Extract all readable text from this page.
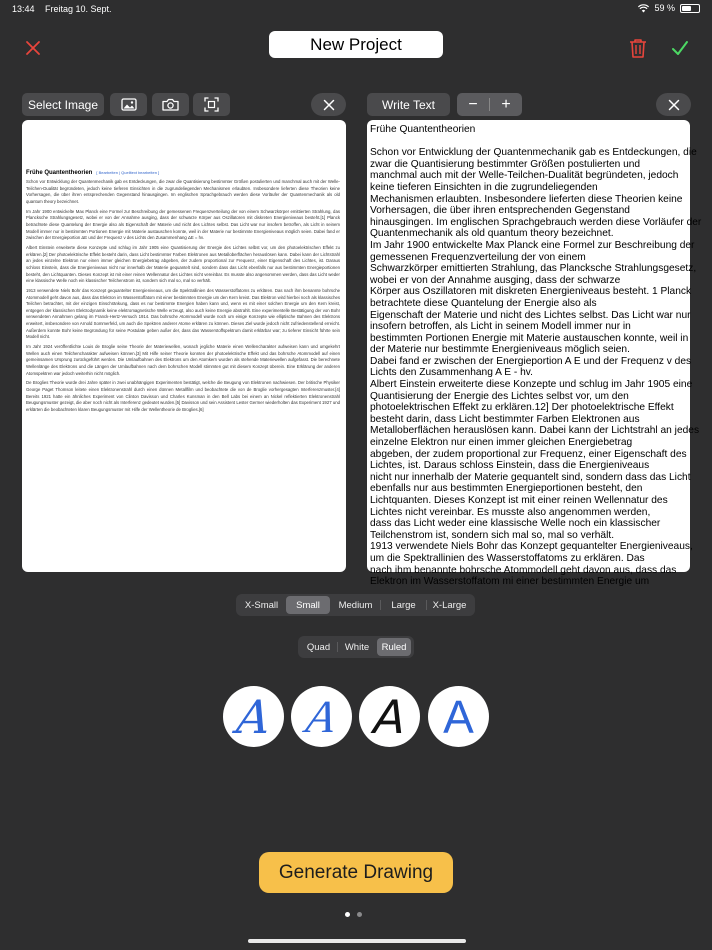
13:44 Freitag 10. Sept.	59 %
New Project
Select Image	Write Text	−	+
Frühe Quantentheorien [ Bearbeiten | Quelltext bearbeiten ]

Schon vor Entwicklung der Quantenmechanik gab es Entdeckungen, die zwar die Quantisierung bestimmter Größen postulierten und manchmal auch mit der Welle-Teilchen-Dualität begründeten, jedoch keine tieferen Einsichten in die zugrundeliegenden Mechanismen erlaubten. Insbesondere lieferten diese Theorien keine Vorhersagen, die über ihren entsprechenden Gegenstand hinausgingen. Im englischen Sprachgebrauch werden diese Vorläufer der Quantenmechanik als old quantum theory bezeichnet.

Im Jahr 1900 entwickelte Max Planck eine Formel zur Beschreibung der gemessenen Frequenzverteilung der von einem Schwarzkörper emittierten Strahlung, das Plancksche Strahlungsgesetz, wobei er von der Annahme ausging, dass der schwarze Körper aus Oszillatoren mit diskreten Energieniveaus besteht.[1] Planck betrachtete diese Quantelung der Energie also als Eigenschaft der Materie und nicht des Lichtes selbst. Das Licht war nur insofern betroffen, als Licht in seinem Modell immer nur in bestimmten Portionen Energie mit Materie austauschen konnte, weil in der Materie nur bestimmte Energieniveaus möglich seien. Dabei fand er zwischen der Energieportion ΔE und der Frequenz ν des Lichts den Zusammenhang ΔE = hν.

Albert Einstein erweiterte diese Konzepte und schlug im Jahr 1905 eine Quantisierung der Energie des Lichtes selbst vor, um den photoelektrischen Effekt zu erklären.[2] Der photoelektrische Effekt besteht darin, dass Licht bestimmter Farben Elektronen aus Metalloberflächen herauslösen kann. Dabei kann der Lichtstrahl an jedes einzelne Elektron nur einen immer gleichen Energiebetrag abgeben, der zudem proportional zur Frequenz, einer Eigenschaft des Lichtes, ist. Daraus schloss Einstein, dass die Energieniveaus nicht nur innerhalb der Materie gequantelt sind, sondern dass das Licht ebenfalls nur aus bestimmten Energieportionen besteht, den Lichtquanten. Dieses Konzept ist mit einer reinen Wellennatur des Lichtes nicht vereinbar. Es musste also angenommen werden, dass das Licht weder eine klassische Welle noch ein klassischer Teilchenstrom ist, sondern sich mal so, mal so verhält.

1913 verwendete Niels Bohr das Konzept gequantelter Energieniveaus, um die Spektrallinien des Wasserstoffatoms zu erklären. Das nach ihm benannte bohrsche Atommodell geht davon aus, dass das Elektron im Wasserstoffatom mit einer bestimmten Energie um den Kern kreist. Das Elektron wird hierbei noch als klassisches Teilchen betrachtet, mit der einzigen Einschränkung, dass es nur bestimmte Energien haben kann und, wenn es mit einer solchen Energie um den Kern kreist, entgegen der klassischen Elektrodynamik keine elektromagnetische Welle erzeugt, also auch keine Energie abstrahlt. Eine experimentelle Bestätigung der von Bohr verwendeten Annahmen gelang im Franck-Hertz-Versuch 1914. Das bohrsche Atommodell wurde noch um einige Konzepte wie elliptische Bahnen des Elektrons erweitert, insbesondere von Arnold Sommerfeld, um auch die Spektren anderer Atome erklären zu können. Dieses Ziel wurde jedoch nicht zufriedenstellend erreicht. Außerdem konnte Bohr keine Begründung für seine Postulate geben außer der, dass das Wasserstoffspektrum damit erklärbar war; zu tieferer Einsicht führte sein Modell nicht.

Im Jahr 1924 veröffentlichte Louis de Broglie seine Theorie der Materiewellen, wonach jegliche Materie einen Wellencharakter aufweisen kann und umgekehrt Wellen auch einen Teilchencharakter aufweisen können.[3] Mit Hilfe seiner Theorie konnten der photoelektrische Effekt und das bohrsche Atommodell auf einen gemeinsamen Ursprung zurückgeführt werden. Die Umlaufbahnen des Elektrons um den Atomkern wurden als stehende Materiewellen aufgefasst. Die berechnete Wellenlänge des Elektrons und die Längen der Umlaufbahnen nach dem bohrschen Modell stimmten gut mit diesem Konzept überein. Eine Erklärung der anderen Atomspektren war jedoch weiterhin nicht möglich.

De Broglies Theorie wurde drei Jahre später in zwei unabhängigen Experimenten bestätigt, welche die Beugung von Elektronen nachwiesen. Der britische Physiker George Paget Thomson leitete einen Elektronenstrahl durch einen dünnen Metallfilm und beobachtete die von de Broglie vorhergesagten Interferenzmuster.[4] Bereits 1921 hatte ein ähnliches Experiment von Clinton Davisson und Charles Kunsman in den Bell Labs bei einem an Nickel reflektierten Elektronenstrahl Beugungsmuster gezeigt, die aber noch nicht als Interferenz gedeutet wurden.[5] Davisson und sein Assistent Lester Germer wiederholten das Experiment 1927 und erklärten die beobachteten klaren Beugungsmuster mit Hilfe der Wellentheorie de Broglies.[6]

Frühe Quantentheorien
Schon vor Entwicklung der Quantenmechanik gab es Entdeckungen, die
zwar die Quantisierung bestimmter Größen postulierten und
manchmal auch mit der Welle-Teilchen-Dualität begründeten, jedoch
keine tieferen Einsichten in die zugrundeliegenden
Mechanismen erlaubten. Insbesondere lieferten diese Theorien keine
Vorhersagen, die über ihren entsprechenden Gegenstand
hinausgingen. Im englischen Sprachgebrauch werden diese Vorläufer der
Quantenmechanik als old quantum theory bezeichnet.
Im Jahr 1900 entwickelte Max Planck eine Formel zur Beschreibung der
gemessenen Frequenzverteilung der von einem
Schwarzkörper emittierten Strahlung, das Plancksche Strahlungsgesetz,
wobei er von der Annahme ausging, dass der schwarze
Körper aus Oszillatoren mit diskreten Energieniveaus besteht. 1 Planck
betrachtete diese Quantelung der Energie also als
Eigenschaft der Materie und nicht des Lichtes selbst. Das Licht war nur
insofern betroffen, als Licht in seinem Modell immer nur in
bestimmten Portionen Energie mit Materie austauschen konnte, weil in
der Materie nur bestimmte Energieniveaus möglich seien.
Dabei fand er zwischen der Energieportion A E und der Frequenz v des
Lichts den Zusammenhang A E - hv.
Albert Einstein erweiterte diese Konzepte und schlug im Jahr 1905 eine
Quantisierung der Energie des Lichtes selbst vor, um den
photoelektrischen Effekt zu erklären.12] Der photoelektrische Effekt
besteht darin, dass Licht bestimmter Farben Elektronen aus
Metalloberflächen herauslösen kann. Dabei kann der Lichtstrahl an jedes
einzelne Elektron nur einen immer gleichen Energiebetrag
abgeben, der zudem proportional zur Frequenz, einer Eigenschaft des
Lichtes, ist. Daraus schloss Einstein, dass die Energieniveaus
nicht nur innerhalb der Materie gequantelt sind, sondern dass das Licht
ebenfalls nur aus bestimmten Energieportionen besteht, den
Lichtquanten. Dieses Konzept ist mit einer reinen Wellennatur des
Lichtes nicht vereinbar. Es musste also angenommen werden,
dass das Licht weder eine klassische Welle noch ein klassischer
Teilchenstrom ist, sondern sich mal so, mal so verhält.
1913 verwendete Niels Bohr das Konzept gequantelter Energieniveaus,
um die Spektrallinien des Wasserstoffatoms zu erklären. Das
nach ihm benannte bohrsche Atommodell geht davon aus, dass das
Elektron im Wasserstoffatom mi einer bestimmten Energie um
X-Small	Small	Medium	Large	X-Large
Quad	White	Ruled
A A A A
Generate Drawing
